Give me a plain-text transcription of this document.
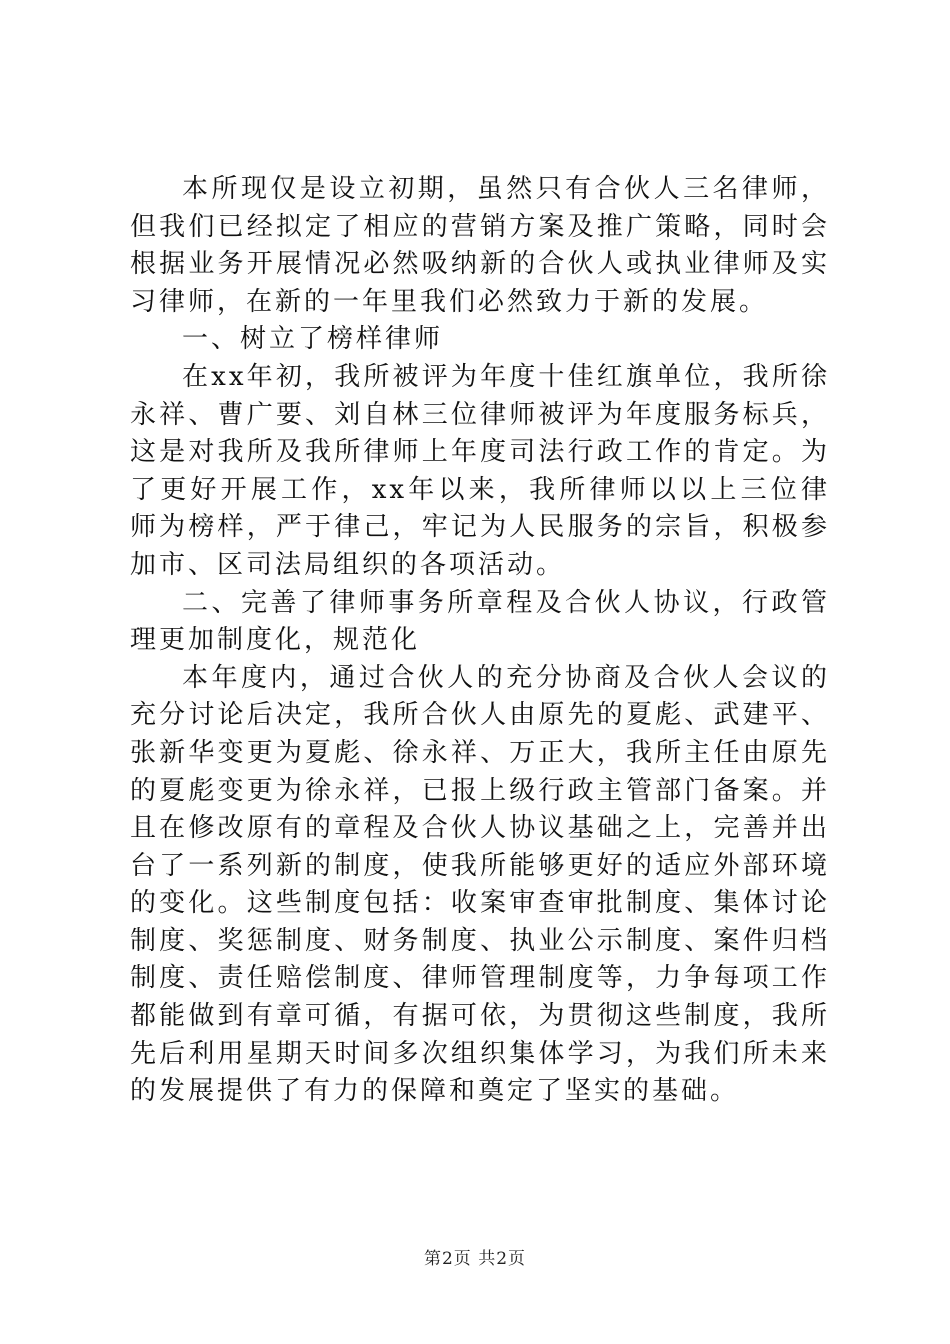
本所现仅是设立初期，虽然只有合伙人三名律师，但我们已经拟定了相应的营销方案及推广策略，同时会根据业务开展情况必然吸纳新的合伙人或执业律师及实习律师，在新的一年里我们必然致力于新的发展。

一、树立了榜样律师

在xx年初，我所被评为年度十佳红旗单位，我所徐永祥、曹广要、刘自林三位律师被评为年度服务标兵，这是对我所及我所律师上年度司法行政工作的肯定。为了更好开展工作，xx年以来，我所律师以以上三位律师为榜样，严于律己，牢记为人民服务的宗旨，积极参加市、区司法局组织的各项活动。

二、完善了律师事务所章程及合伙人协议，行政管理更加制度化，规范化

本年度内，通过合伙人的充分协商及合伙人会议的充分讨论后决定，我所合伙人由原先的夏彪、武建平、张新华变更为夏彪、徐永祥、万正大，我所主任由原先的夏彪变更为徐永祥，已报上级行政主管部门备案。并且在修改原有的章程及合伙人协议基础之上，完善并出台了一系列新的制度，使我所能够更好的适应外部环境的变化。这些制度包括：收案审查审批制度、集体讨论制度、奖惩制度、财务制度、执业公示制度、案件归档制度、责任赔偿制度、律师管理制度等，力争每项工作都能做到有章可循，有据可依，为贯彻这些制度，我所先后利用星期天时间多次组织集体学习，为我们所未来的发展提供了有力的保障和奠定了坚实的基础。

第2页 共2页
